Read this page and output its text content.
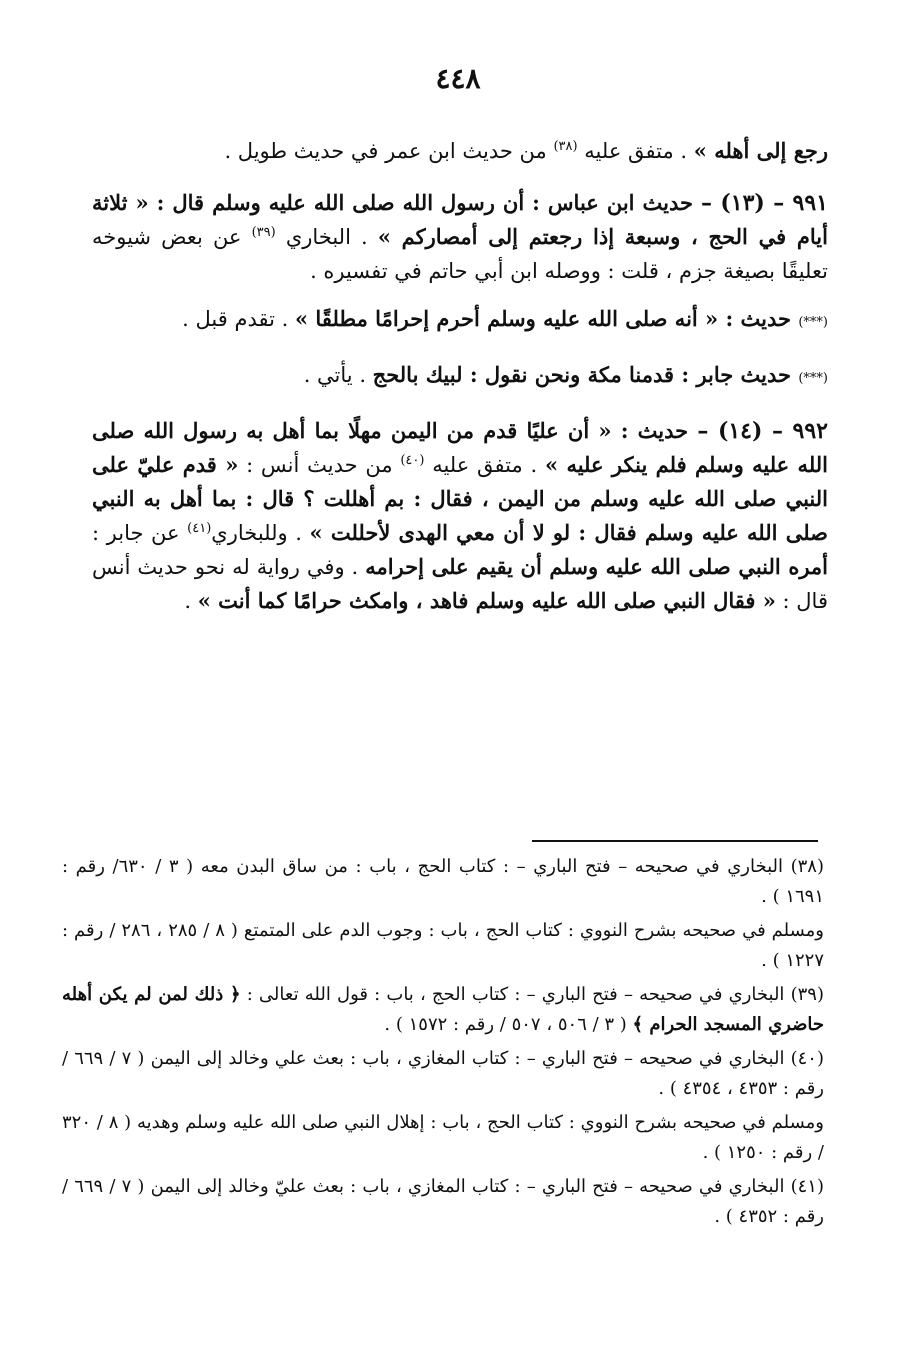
٤٤٨

رجع إلى أهله » . متفق عليه $^{(٣٨)}$ من حديث ابن عمر في حديث طويل .

٩٩١ – (١٣) – حديث ابن عباس : أن رسول الله صلى الله عليه وسلم قال : « ثلاثة أيام في الحج ، وسبعة إذا رجعتم إلى أمصاركم » . البخاري $^{(٣٩)}$ عن بعض شيوخه تعليقًا بصيغة جزم ، قلت : ووصله ابن أبي حاتم في تفسيره .

(***) حديث : « أنه صلى الله عليه وسلم أحرم إحرامًا مطلقًا » . تقدم قبل .

(***) حديث جابر : قدمنا مكة ونحن نقول : لبيك بالحج . يأتي .

٩٩٢ – (١٤) – حديث : « أن عليًا قدم من اليمن مهلًا بما أهل به رسول الله صلى الله عليه وسلم فلم ينكر عليه » . متفق عليه $^{(٤٠)}$ من حديث أنس : « قدم عليّ على النبي صلى الله عليه وسلم من اليمن ، فقال : بم أهللت ؟ قال : بما أهل به النبي صلى الله عليه وسلم فقال : لو لا أن معي الهدى لأحللت » . وللبخاري$^{(٤١)}$ عن جابر : أمره النبي صلى الله عليه وسلم أن يقيم على إحرامه . وفي رواية له نحو حديث أنس قال : « فقال النبي صلى الله عليه وسلم فاهد ، وامكث حرامًا كما أنت » .

(٣٨) البخاري في صحيحه – فتح الباري – : كتاب الحج ، باب : من ساق البدن معه ( ٣ / ٦٣٠/ رقم : ١٦٩١ ) .

ومسلم في صحيحه بشرح النووي : كتاب الحج ، باب : وجوب الدم على المتمتع ( ٨ / ٢٨٥ ، ٢٨٦ / رقم : ١٢٢٧ ) .

(٣٩) البخاري في صحيحه – فتح الباري – : كتاب الحج ، باب : قول الله تعالى : ﴿ ذلك لمن لم يكن أهله حاضري المسجد الحرام ﴾ ( ٣ / ٥٠٦ ، ٥٠٧ / رقم : ١٥٧٢ ) .

(٤٠) البخاري في صحيحه – فتح الباري – : كتاب المغازي ، باب : بعث علي وخالد إلى اليمن ( ٧ / ٦٦٩ / رقم : ٤٣٥٣ ، ٤٣٥٤ ) .

ومسلم في صحيحه بشرح النووي : كتاب الحج ، باب : إهلال النبي صلى الله عليه وسلم وهديه ( ٨ / ٣٢٠ / رقم : ١٢٥٠ ) .

(٤١) البخاري في صحيحه – فتح الباري – : كتاب المغازي ، باب : بعث عليّ وخالد إلى اليمن ( ٧ / ٦٦٩ / رقم : ٤٣٥٢ ) .
